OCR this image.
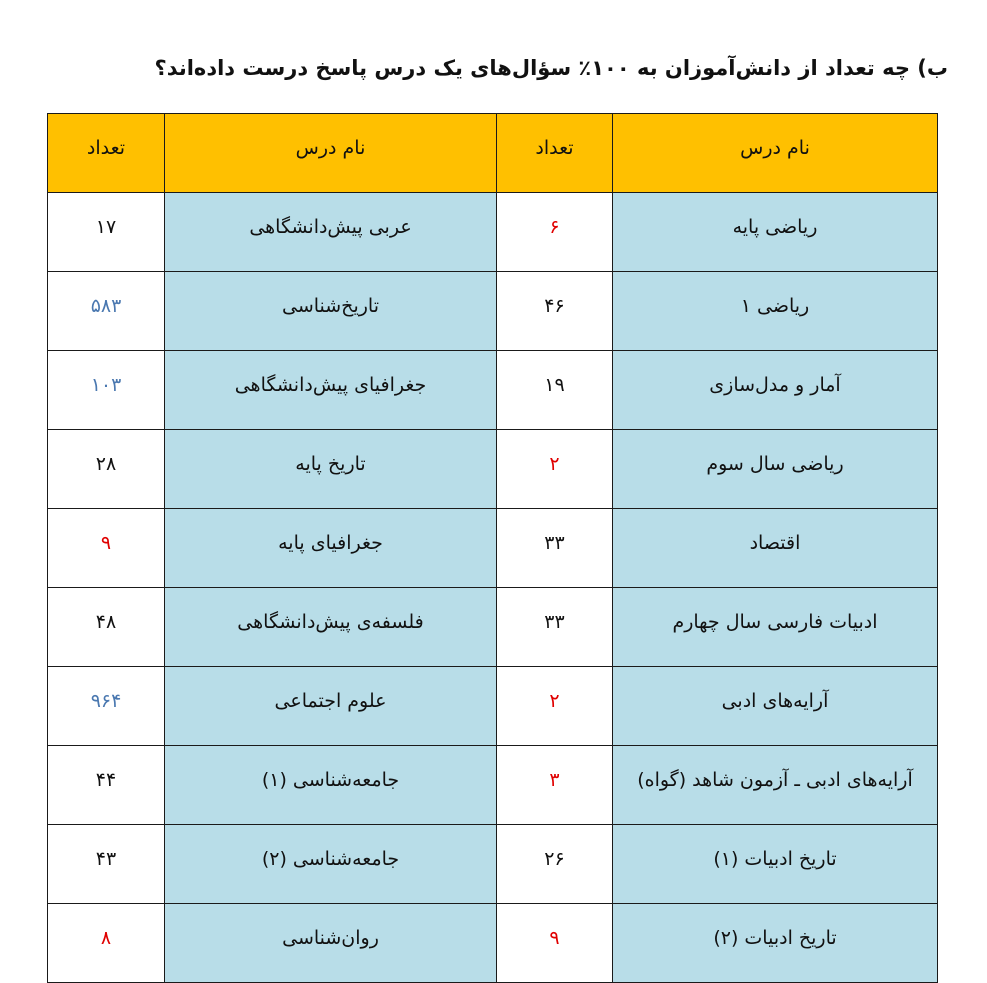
ب) چه تعداد از دانش‌آموزان به ۱۰۰٪ سؤال‌های یک درس پاسخ درست داده‌اند؟
نام درس	تعداد	نام درس	تعداد
ریاضی پایه	۶	عربی پیش‌دانشگاهی	۱۷
ریاضی ۱	۴۶	تاریخ‌شناسی	۵۸۳
آمار و مدل‌سازی	۱۹	جغرافیای پیش‌دانشگاهی	۱۰۳
ریاضی سال سوم	۲	تاریخ پایه	۲۸
اقتصاد	۳۳	جغرافیای پایه	۹
ادبیات فارسی سال چهارم	۳۳	فلسفه‌ی پیش‌دانشگاهی	۴۸
آرایه‌های ادبی	۲	علوم اجتماعی	۹۶۴
آرایه‌های ادبی ـ آزمون شاهد (گواه)	۳	جامعه‌شناسی (۱)	۴۴
تاریخ ادبیات (۱)	۲۶	جامعه‌شناسی (۲)	۴۳
تاریخ ادبیات (۲)	۹	روان‌شناسی	۸
